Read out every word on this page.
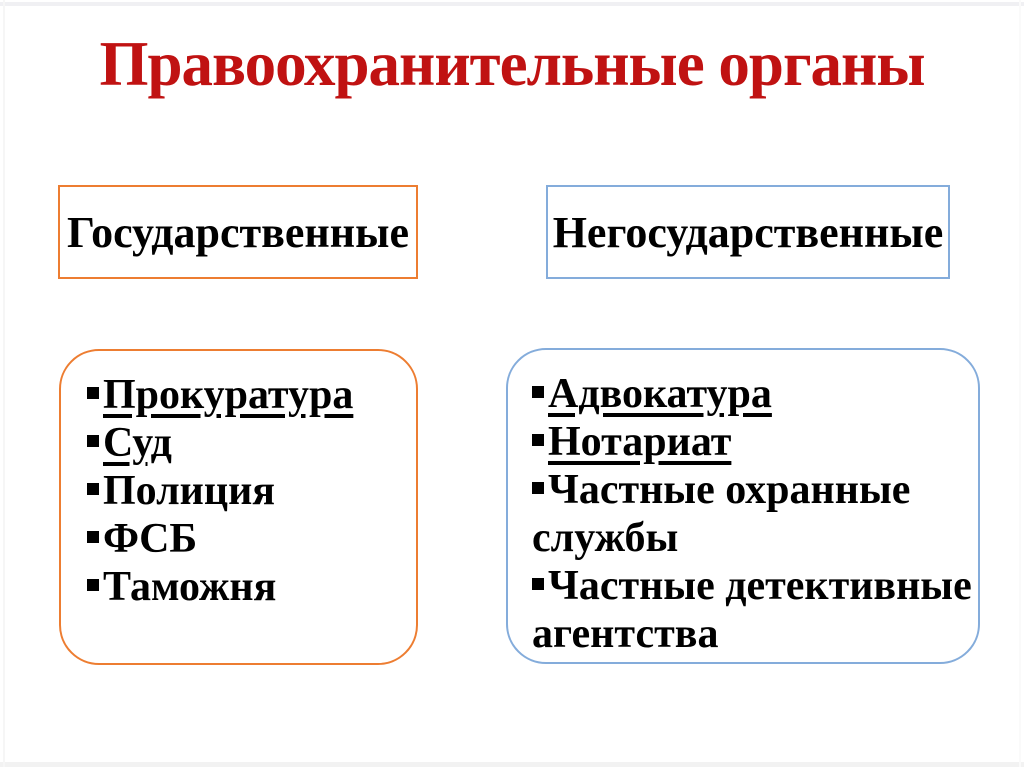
Правоохранительные органы
Государственные	Негосударственные
Прокуратура
Суд
Полиция
ФСБ
Таможня
Адвокатура
Нотариат
Частные охранные
службы
Частные детективные
агентства
